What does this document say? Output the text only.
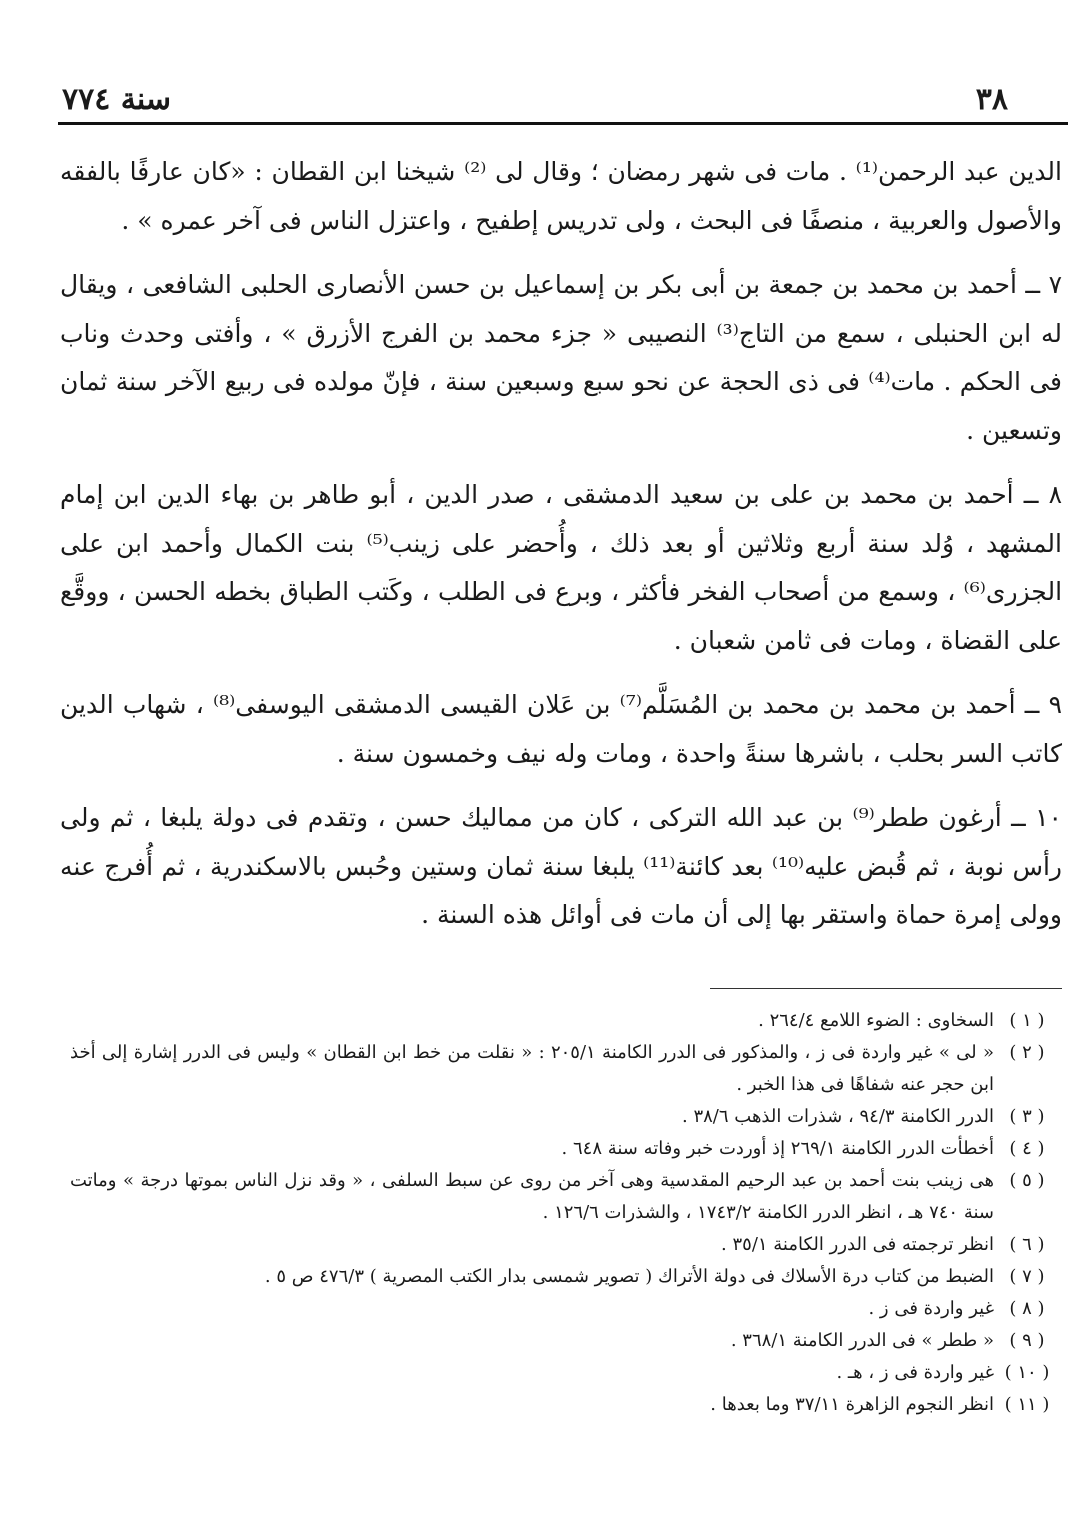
سنة ٧٧٤	٣٨

الدين عبد الرحمن⁽¹⁾ . مات فى شهر رمضان ؛ وقال لى ⁽²⁾ شيخنا ابن القطان : «كان عارفًا بالفقه والأصول والعربية ، منصفًا فى البحث ، ولى تدريس إطفيح ، واعتزل الناس فى آخر عمره » .

٧ ــ أحمد بن محمد بن جمعة بن أبى بكر بن إسماعيل بن حسن الأنصارى الحلبى الشافعى ، ويقال له ابن الحنبلى ، سمع من التاج⁽³⁾ النصيبى « جزء محمد بن الفرج الأزرق » ، وأفتى وحدث وناب فى الحكم . مات⁽⁴⁾ فى ذى الحجة عن نحو سبع وسبعين سنة ، فإنّ مولده فى ربيع الآخر سنة ثمان وتسعين .

٨ ــ أحمد بن محمد بن على بن سعيد الدمشقى ، صدر الدين ، أبو طاهر بن بهاء الدين ابن إمام المشهد ، وُلد سنة أربع وثلاثين أو بعد ذلك ، وأُحضر على زينب⁽⁵⁾ بنت الكمال وأحمد ابن على الجزرى⁽⁶⁾ ، وسمع من أصحاب الفخر فأكثر ، وبرع فى الطلب ، وكَتب الطباق بخطه الحسن ، ووقَّع على القضاة ، ومات فى ثامن شعبان .

٩ ــ أحمد بن محمد بن محمد بن المُسَلَّم⁽⁷⁾ بن عَلان القيسى الدمشقى اليوسفى⁽⁸⁾ ، شهاب الدين كاتب السر بحلب ، باشرها سنةً واحدة ، ومات وله نيف وخمسون سنة .

١٠ ــ أرغون ططر⁽⁹⁾ بن عبد الله التركى ، كان من مماليك حسن ، وتقدم فى دولة يلبغا ، ثم ولى رأس نوبة ، ثم قُبض عليه⁽¹⁰⁾ بعد كائنة⁽¹¹⁾ يلبغا سنة ثمان وستين وحُبس بالاسكندرية ، ثم أُفرج عنه وولى إمرة حماة واستقر بها إلى أن مات فى أوائل هذه السنة .

( ١ )
السخاوى : الضوء اللامع ٢٦٤/٤ .
( ٢ )
« لى » غير واردة فى ز ، والمذكور فى الدرر الكامنة ٢٠٥/١ : « نقلت من خط ابن القطان » وليس فى الدرر إشارة إلى أخذ ابن حجر عنه شفاهًا فى هذا الخبر .
( ٣ )
الدرر الكامنة ٩٤/٣ ، شذرات الذهب ٣٨/٦ .
( ٤ )
أخطأت الدرر الكامنة ٢٦٩/١ إذ أوردت خبر وفاته سنة ٦٤٨ .
( ٥ )
هى زينب بنت أحمد بن عبد الرحيم المقدسية وهى آخر من روى عن سبط السلفى ، « وقد نزل الناس بموتها درجة » وماتت سنة ٧٤٠ هـ ، انظر الدرر الكامنة ١٧٤٣/٢ ، والشذرات ١٢٦/٦ .
( ٦ )
انظر ترجمته فى الدرر الكامنة ٣٥/١ .
( ٧ )
الضبط من كتاب درة الأسلاك فى دولة الأتراك ( تصوير شمسى بدار الكتب المصرية ) ٤٧٦/٣ ص ٥ .
( ٨ )
غير واردة فى ز .
( ٩ )
« ططر » فى الدرر الكامنة ٣٦٨/١ .
( ١٠ )
غير واردة فى ز ، هـ .
( ١١ )
انظر النجوم الزاهرة ٣٧/١١ وما بعدها .
